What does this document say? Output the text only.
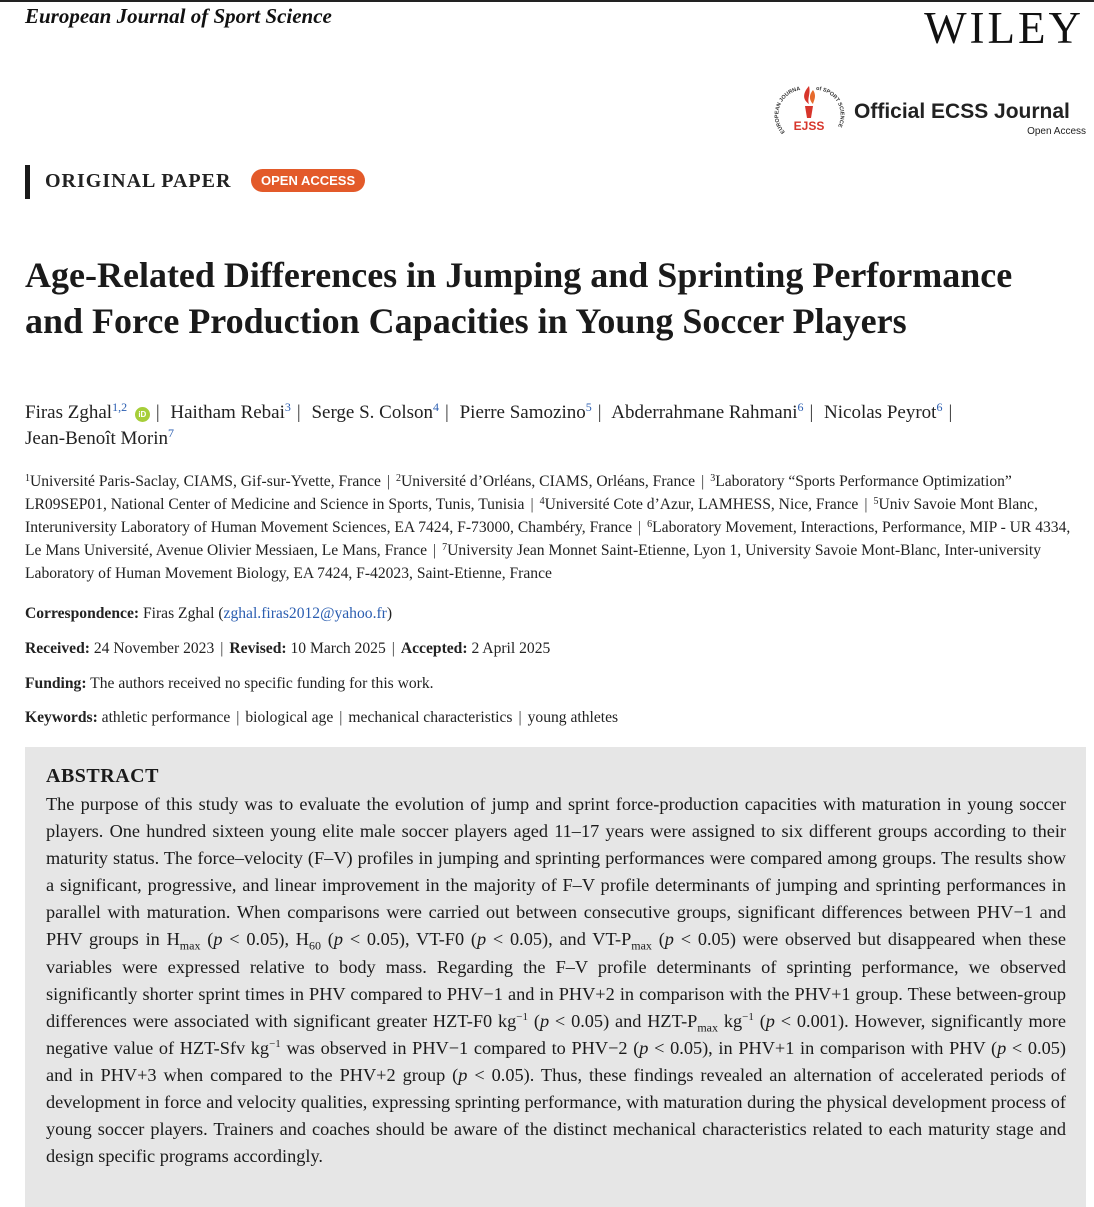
European Journal of Sport Science	WILEY
EUROPEAN JOURNA	of SPORT SCIENCE
EJSS
Official ECSS Journal
Open Access
ORIGINAL PAPER	OPEN ACCESS
Age-Related Differences in Jumping and Sprinting Performance and Force Production Capacities in Young Soccer Players
Firas Zghal$^{1,2}$ iD | Haitham Rebai$^3$ | Serge S. Colson$^4$ | Pierre Samozino$^5$ | Abderrahmane Rahmani$^6$ | Nicolas Peyrot$^6$ | Jean-Benoît Morin$^7$
$^1$Université Paris-Saclay, CIAMS, Gif-sur-Yvette, France | $^2$Université d’Orléans, CIAMS, Orléans, France | $^3$Laboratory “Sports Performance Optimization” LR09SEP01, National Center of Medicine and Science in Sports, Tunis, Tunisia | $^4$Université Cote d’Azur, LAMHESS, Nice, France | $^5$Univ Savoie Mont Blanc, Interuniversity Laboratory of Human Movement Sciences, EA 7424, F-73000, Chambéry, France | $^6$Laboratory Movement, Interactions, Performance, MIP - UR 4334, Le Mans Université, Avenue Olivier Messiaen, Le Mans, France | $^7$University Jean Monnet Saint-Etienne, Lyon 1, University Savoie Mont-Blanc, Inter-university Laboratory of Human Movement Biology, EA 7424, F-42023, Saint-Etienne, France
Correspondence: Firas Zghal (zghal.firas2012@yahoo.fr)
Received: 24 November 2023 | Revised: 10 March 2025 | Accepted: 2 April 2025
Funding: The authors received no specific funding for this work.
Keywords: athletic performance | biological age | mechanical characteristics | young athletes
ABSTRACT

The purpose of this study was to evaluate the evolution of jump and sprint force-production capacities with maturation in young soccer players. One hundred sixteen young elite male soccer players aged 11–17 years were assigned to six different groups according to their maturity status. The force–velocity (F–V) profiles in jumping and sprinting performances were compared among groups. The results show a significant, progressive, and linear improvement in the majority of F–V profile determinants of jumping and sprinting performances in parallel with maturation. When comparisons were carried out between consecutive groups, significant differences between PHV−1 and PHV groups in $H_{max}$ (p < 0.05), $H_{60}$ (p < 0.05), VT-F0 (p < 0.05), and $VT-P_{max}$ (p < 0.05) were observed but disappeared when these variables were expressed relative to body mass. Regarding the F–V profile determinants of sprinting performance, we observed significantly shorter sprint times in PHV compared to PHV−1 and in PHV+2 in comparison with the PHV+1 group. These between-group differences were associated with significant greater HZT-F0 $kg^{-1}$ (p < 0.05) and HZT-$P_{max}$ $kg^{-1}$ (p < 0.001). However, significantly more negative value of HZT-Sfv $kg^{-1}$ was observed in PHV−1 compared to PHV−2 (p < 0.05), in PHV+1 in comparison with PHV (p < 0.05) and in PHV+3 when compared to the PHV+2 group (p < 0.05). Thus, these findings revealed an alternation of accelerated periods of development in force and velocity qualities, expressing sprinting performance, with maturation during the physical development process of young soccer players. Trainers and coaches should be aware of the distinct mechanical characteristics related to each maturity stage and design specific programs accordingly.
